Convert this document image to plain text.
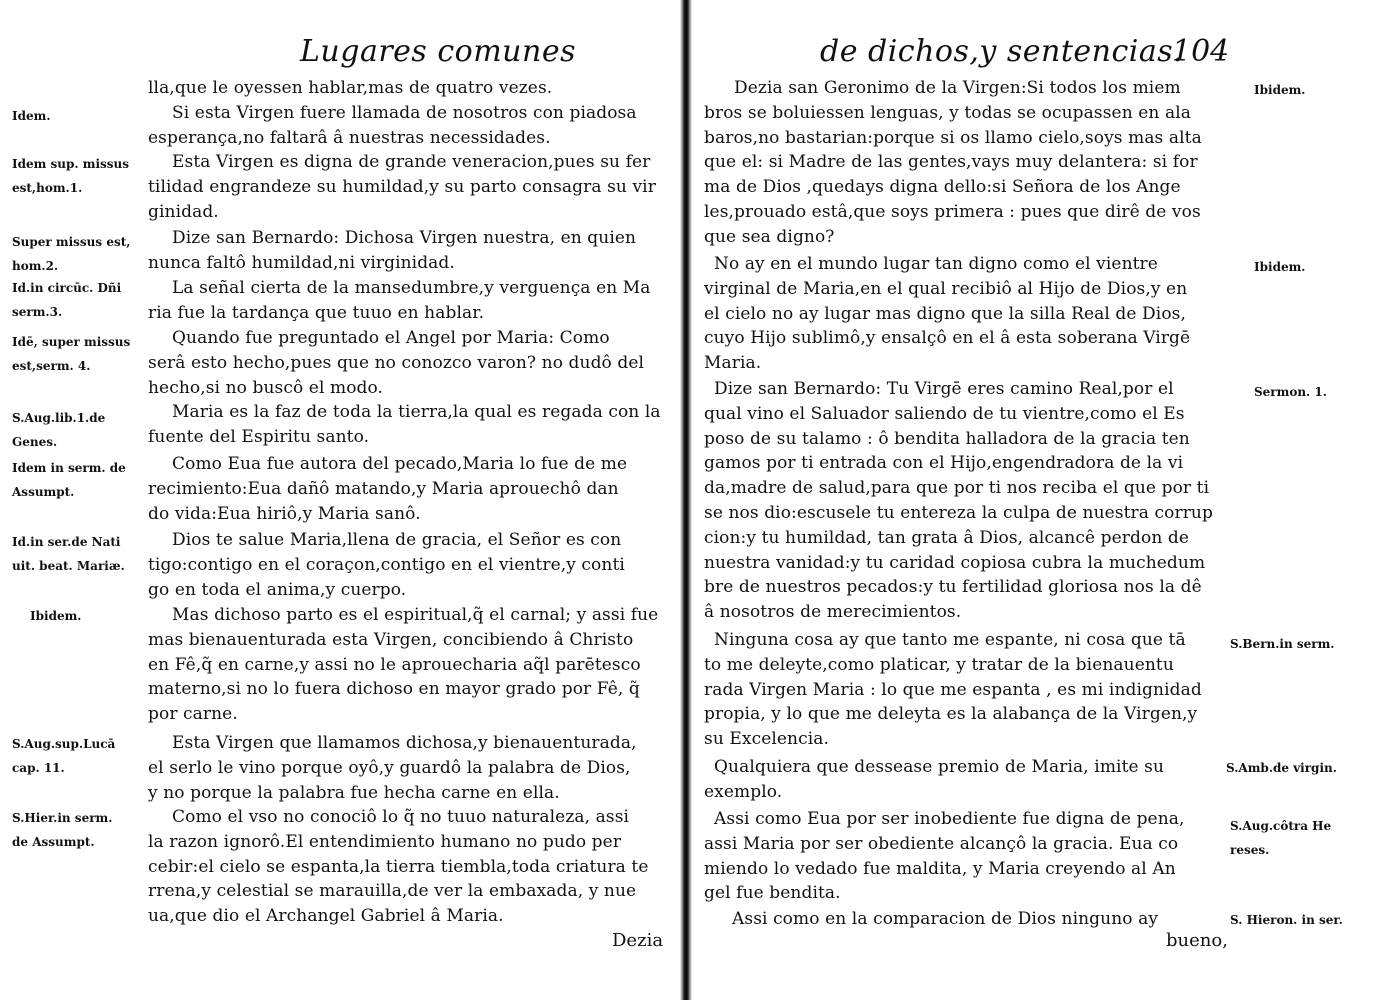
Lugares comunes
Idem.
Idem sup. missus
est,hom.1.
Super missus est,
hom.2.
Id.in circūc. Dñi
serm.3.
Idē, super missus
est,serm. 4.
S.Aug.lib.1.de
Genes.
Idem in serm. de
Assumpt.
Id.in ser.de Nati
uit. beat. Mariæ.
Ibidem.
S.Aug.sup.Lucā
cap. 11.
S.Hier.in serm.
de Assumpt.
lla,que le oyessen hablar,mas de quatro vezes.
Si esta Virgen fuere llamada de nosotros con piadosa
esperança,no faltarâ â nuestras necessidades.
Esta Virgen es digna de grande veneracion,pues su fer
tilidad engrandeze su humildad,y su parto consagra su vir
ginidad.
Dize san Bernardo: Dichosa Virgen nuestra, en quien
nunca faltô humildad,ni virginidad.
La señal cierta de la mansedumbre,y verguença en Ma
ria fue la tardança que tuuo en hablar.
Quando fue preguntado el Angel por Maria: Como
serâ esto hecho,pues que no conozco varon? no dudô del
hecho,si no buscô el modo.
Maria es la faz de toda la tierra,la qual es regada con la
fuente del Espiritu santo.
Como Eua fue autora del pecado,Maria lo fue de me
recimiento:Eua dañô matando,y Maria aprouechô dan
do vida:Eua hiriô,y Maria sanô.
Dios te salue Maria,llena de gracia, el Señor es con
tigo:contigo en el coraçon,contigo en el vientre,y conti
go en toda el anima,y cuerpo.
Mas dichoso parto es el espiritual,q̃ el carnal; y assi fue
mas bienauenturada esta Virgen, concibiendo â Christo
en Fê,q̃ en carne,y assi no le aprouecharia aq̃l parētesco
materno,si no lo fuera dichoso en mayor grado por Fê, q̃
por carne.
Esta Virgen que llamamos dichosa,y bienauenturada,
el serlo le vino porque oyô,y guardô la palabra de Dios,
y no porque la palabra fue hecha carne en ella.
Como el vso no conociô lo q̃ no tuuo naturaleza, assi
la razon ignorô.El entendimiento humano no pudo per
cebir:el cielo se espanta,la tierra tiembla,toda criatura te
rrena,y celestial se marauilla,de ver la embaxada, y nue
ua,que dio el Archangel Gabriel â Maria.
Dezia
de dichos,y sentencias.
104
Ibidem.
Ibidem.
Sermon. 1.
S.Bern.in serm.
S.Amb.de virgin.
S.Aug.côtra He
reses.
S. Hieron. in ser.
Dezia san Geronimo de la Virgen:Si todos los miem
bros se boluiessen lenguas, y todas se ocupassen en ala
baros,no bastarian:porque si os llamo cielo,soys mas alta
que el: si Madre de las gentes,vays muy delantera: si for
ma de Dios ,quedays digna dello:si Señora de los Ange
les,prouado estâ,que soys primera : pues que dirê de vos
que sea digno?
No ay en el mundo lugar tan digno como el vientre
virginal de Maria,en el qual recibiô al Hijo de Dios,y en
el cielo no ay lugar mas digno que la silla Real de Dios,
cuyo Hijo sublimô,y ensalçô en el â esta soberana Virgē
Maria.
Dize san Bernardo: Tu Virgē eres camino Real,por el
qual vino el Saluador saliendo de tu vientre,como el Es
poso de su talamo : ô bendita halladora de la gracia ten
gamos por ti entrada con el Hijo,engendradora de la vi
da,madre de salud,para que por ti nos reciba el que por ti
se nos dio:escusele tu entereza la culpa de nuestra corrup
cion:y tu humildad, tan grata â Dios, alcancê perdon de
nuestra vanidad:y tu caridad copiosa cubra la muchedum
bre de nuestros pecados:y tu fertilidad gloriosa nos la dê
â nosotros de merecimientos.
Ninguna cosa ay que tanto me espante, ni cosa que tā
to me deleyte,como platicar, y tratar de la bienauentu
rada Virgen Maria : lo que me espanta , es mi indignidad
propia, y lo que me deleyta es la alabança de la Virgen,y
su Excelencia.
Qualquiera que dessease premio de Maria, imite su
exemplo.
Assi como Eua por ser inobediente fue digna de pena,
assi Maria por ser obediente alcançô la gracia. Eua co
miendo lo vedado fue maldita, y Maria creyendo al An
gel fue bendita.
Assi como en la comparacion de Dios ninguno ay
bueno,
